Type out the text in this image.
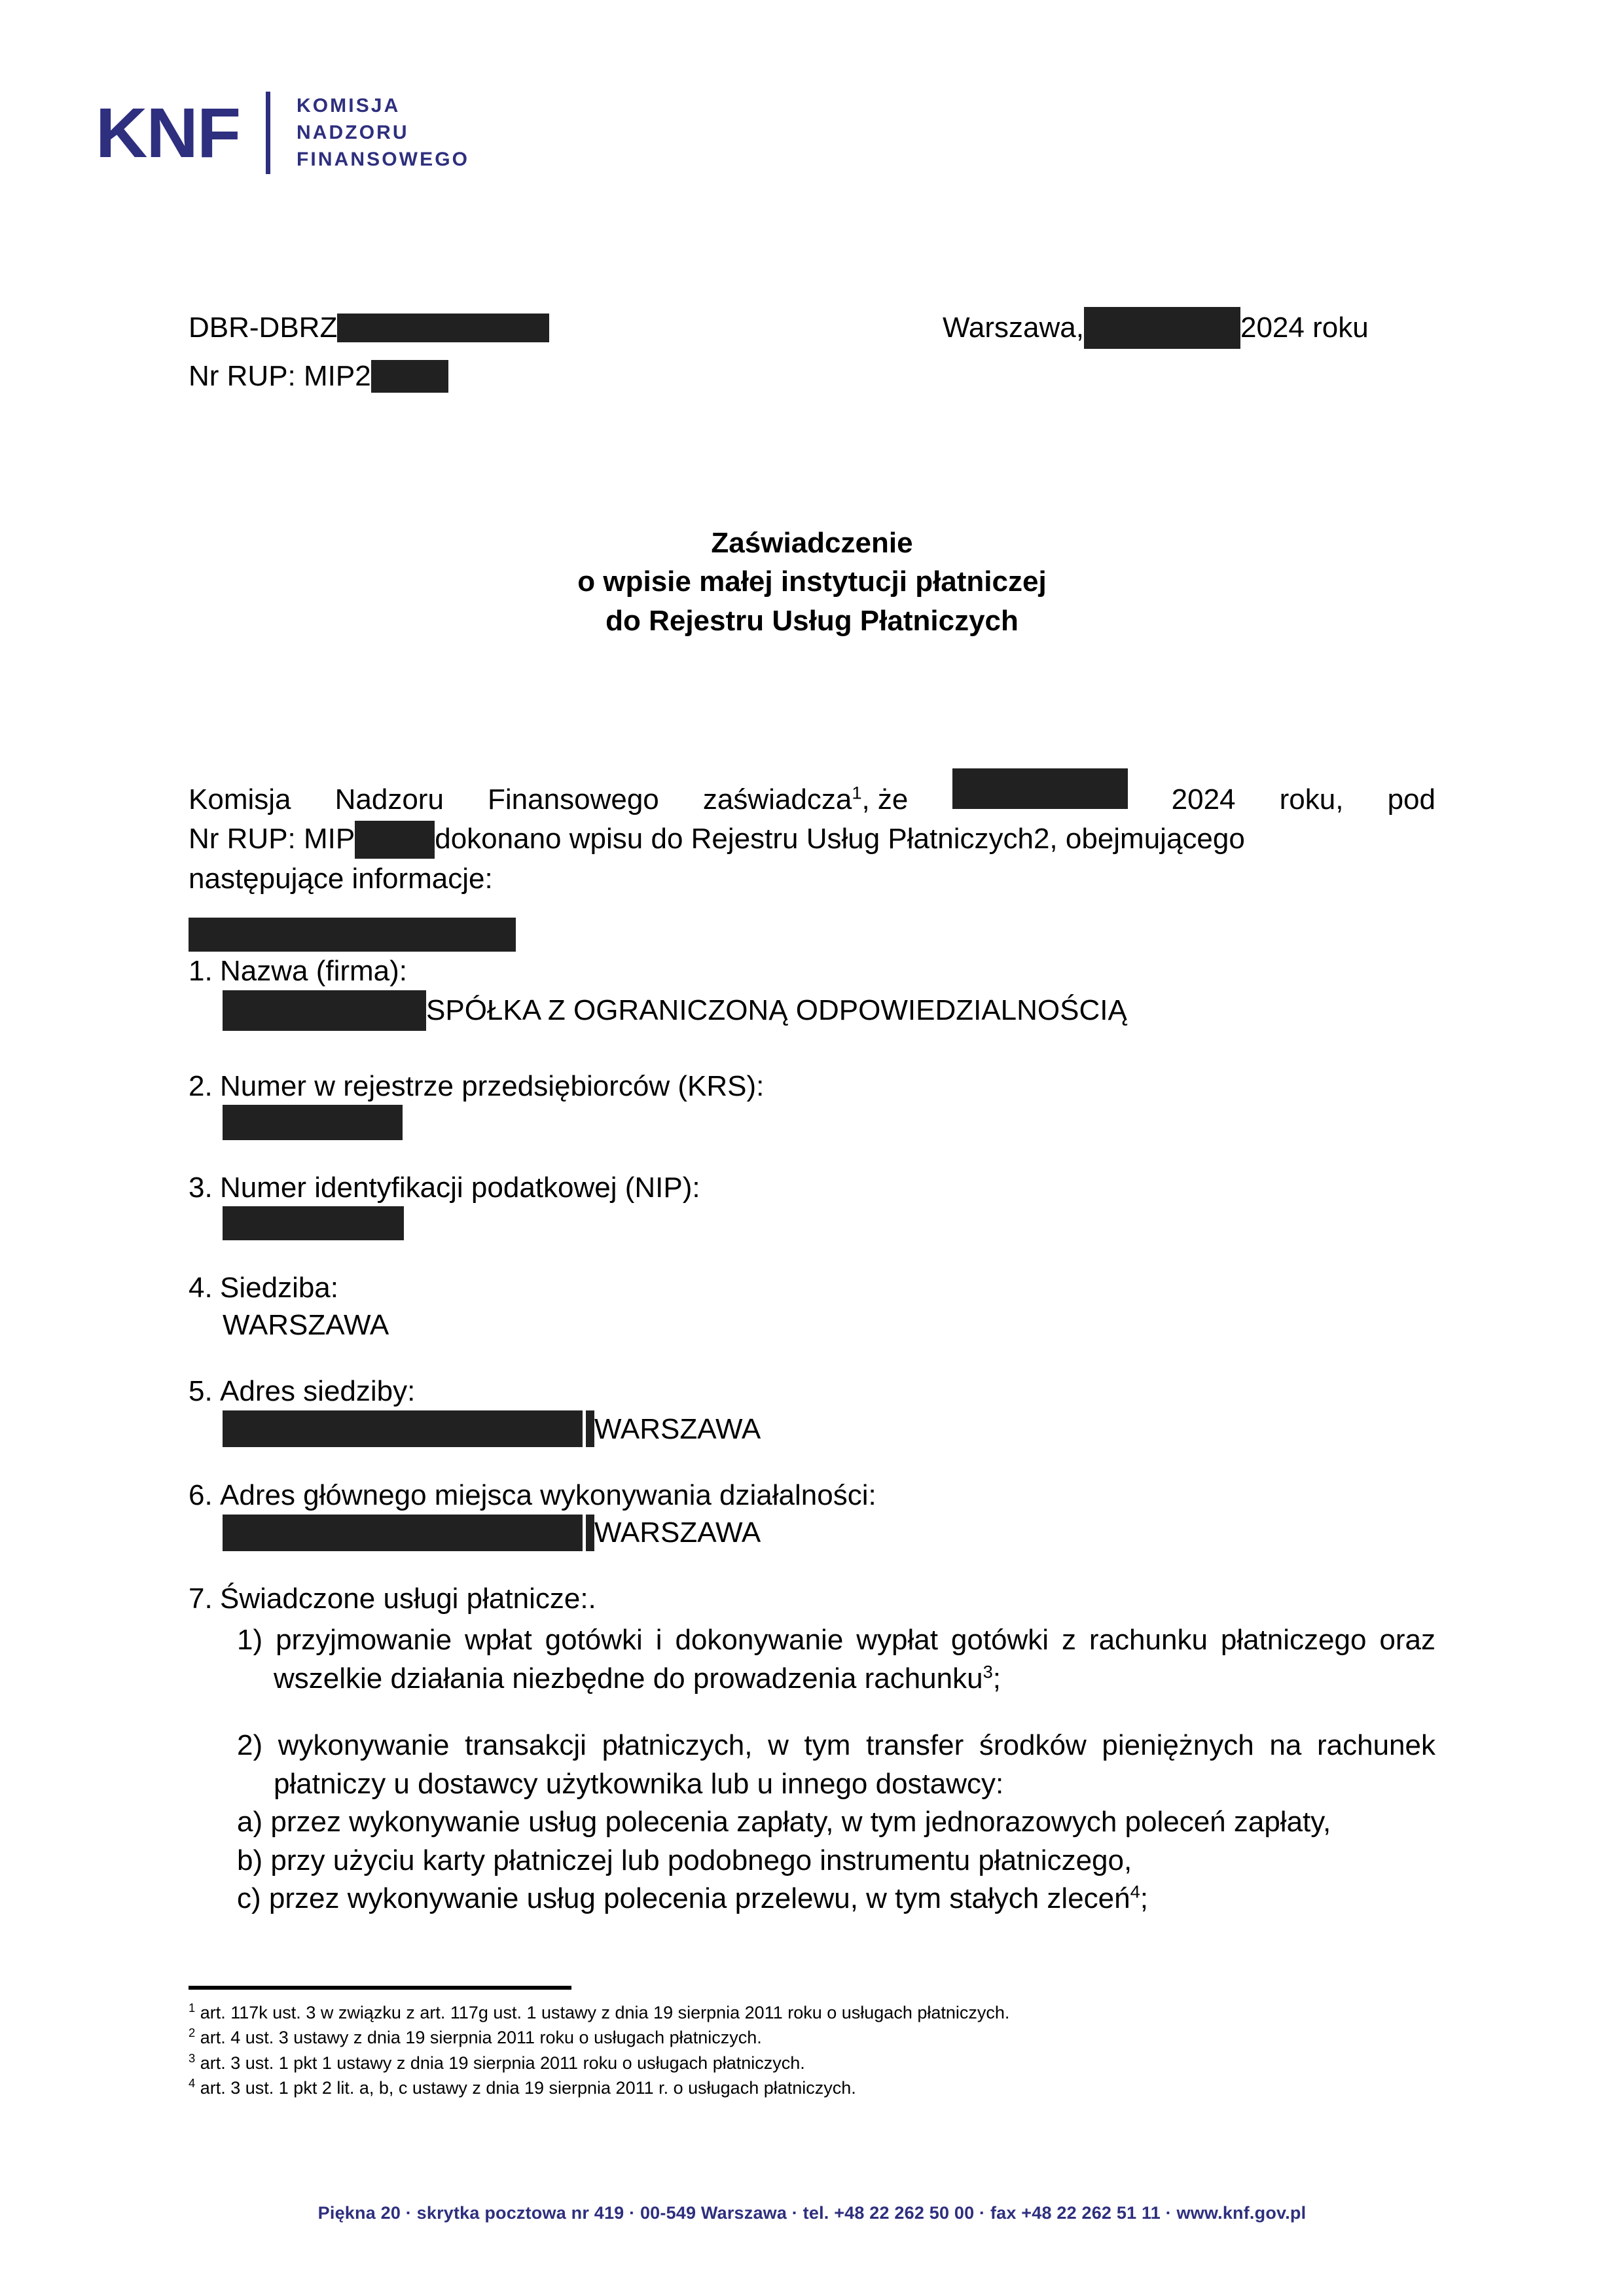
KNF	KOMISJA
NADZORU
FINANSOWEGO
DBR-DBRZ	Warszawa,	2024 roku
Nr RUP: MIP2
Zaświadczenie
o wpisie małej instytucji płatniczej
do Rejestru Usług Płatniczych
Komisja Nadzoru Finansowego zaświadcza$^1$, że	2024 roku, pod
Nr RUP: MIP	dokonano wpisu do Rejestru Usług Płatniczych2, obejmującego
następujące informacje:
1. Nazwa (firma):
SPÓŁKA Z OGRANICZONĄ ODPOWIEDZIALNOŚCIĄ
2. Numer w rejestrze przedsiębiorców (KRS):
3. Numer identyfikacji podatkowej (NIP):
4. Siedziba:
WARSZAWA
5. Adres siedziby:
WARSZAWA
6. Adres głównego miejsca wykonywania działalności:
WARSZAWA
7. Świadczone usługi płatnicze:.
1) przyjmowanie wpłat gotówki i dokonywanie wypłat gotówki z rachunku płatniczego oraz wszelkie działania niezbędne do prowadzenia rachunku$^3$;
2) wykonywanie transakcji płatniczych, w tym transfer środków pieniężnych na rachunek płatniczy u dostawcy użytkownika lub u innego dostawcy:
a) przez wykonywanie usług polecenia zapłaty, w tym jednorazowych poleceń zapłaty,
b) przy użyciu karty płatniczej lub podobnego instrumentu płatniczego,
c) przez wykonywanie usług polecenia przelewu, w tym stałych zleceń$^4$;
$^1$ art. 117k ust. 3 w związku z art. 117g ust. 1 ustawy z dnia 19 sierpnia 2011 roku o usługach płatniczych.
$^2$ art. 4 ust. 3 ustawy z dnia 19 sierpnia 2011 roku o usługach płatniczych.
$^3$ art. 3 ust. 1 pkt 1 ustawy z dnia 19 sierpnia 2011 roku o usługach płatniczych.
$^4$ art. 3 ust. 1 pkt 2 lit. a, b, c ustawy z dnia 19 sierpnia 2011 r. o usługach płatniczych.
Piękna 20 · skrytka pocztowa nr 419 · 00-549 Warszawa · tel. +48 22 262 50 00 · fax +48 22 262 51 11 · www.knf.gov.pl
